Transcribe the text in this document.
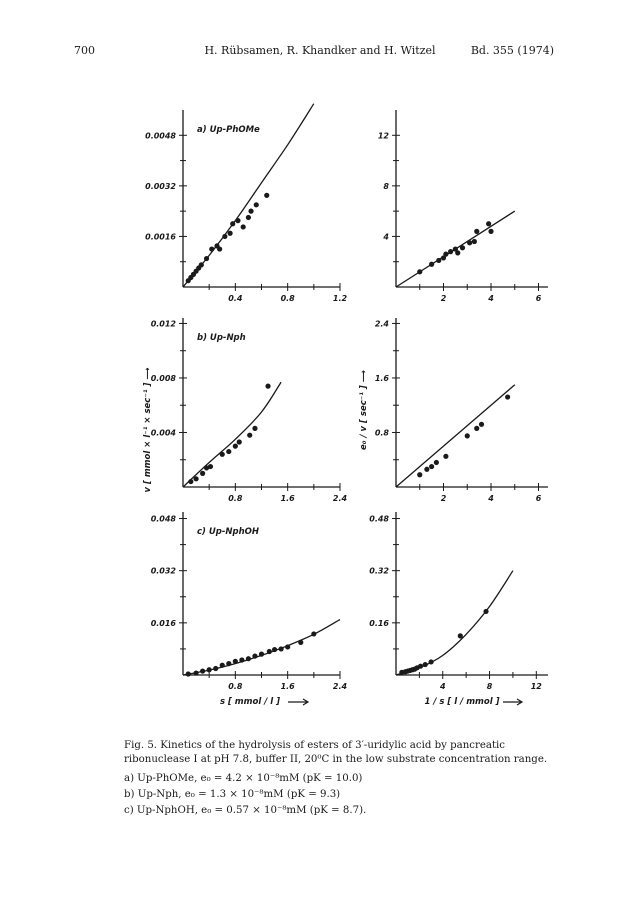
700	H. Rübsamen, R. Khandker and H. Witzel	Bd. 355 (1974)
v [ mmol × l⁻¹ × sec⁻¹ ] ⟶	e₀ / v [ sec⁻¹ ] ⟶
s [ mmol / l ]	1 / s [ l / mmol ]
0.4	0.8	1.2
0.0016
0.0032
0.0048
a) Up-PhOMe
2	4	6
4
8
12
0.8	1.6	2.4
0.004
0.008
0.012
b) Up-Nph
2	4	6
0.8
1.6
2.4
0.8	1.6	2.4
0.016
0.032
0.048
c) Up-NphOH
4	8	12
0.16
0.32
0.48
Fig. 5. Kinetics of the hydrolysis of esters of 3′-uridylic acid by pancreatic ribonuclease I at pH 7.8, buffer II, 20⁰C in the low substrate concentration range.
a) Up-PhOMe, e₀ = 4.2 × 10⁻⁸mM (pK = 10.0)
b) Up-Nph, e₀ = 1.3 × 10⁻⁸mM (pK = 9.3)
c) Up-NphOH, e₀ = 0.57 × 10⁻⁸mM (pK = 8.7).
